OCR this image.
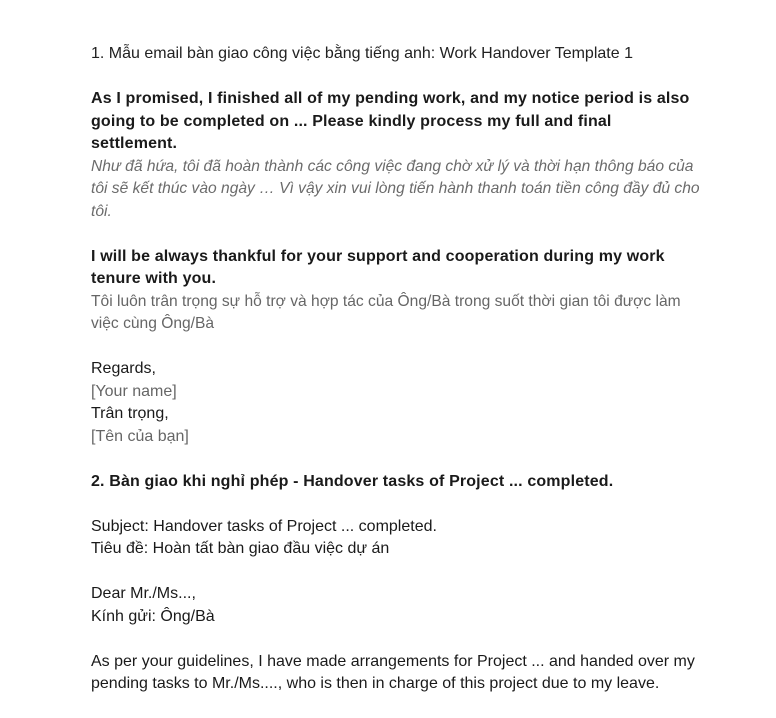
1. Mẫu email bàn giao công việc bằng tiếng anh: Work Handover Template 1

As I promised, I finished all of my pending work, and my notice period is also going to be completed on ... Please kindly process my full and final settlement.

Như đã hứa, tôi đã hoàn thành các công việc đang chờ xử lý và thời hạn thông báo của tôi sẽ kết thúc vào ngày … Vì vậy xin vui lòng tiến hành thanh toán tiền công đầy đủ cho tôi.

I will be always thankful for your support and cooperation during my work tenure with you.

Tôi luôn trân trọng sự hỗ trợ và hợp tác của Ông/Bà trong suốt thời gian tôi được làm việc cùng Ông/Bà

Regards,

[Your name]

Trân trọng,

[Tên của bạn]

2. Bàn giao khi nghỉ phép - Handover tasks of Project ... completed.

Subject: Handover tasks of Project ... completed.

Tiêu đề: Hoàn tất bàn giao đầu việc dự án

Dear Mr./Ms...,

Kính gửi: Ông/Bà

As per your guidelines, I have made arrangements for Project ... and handed over my pending tasks to Mr./Ms...., who is then in charge of this project due to my leave.
